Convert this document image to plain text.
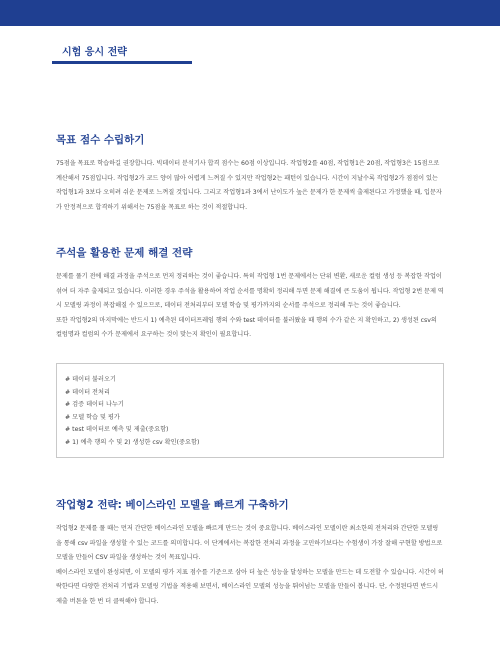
시험 응시 전략
목표 점수 수립하기

75점을 목표로 학습하길 권장합니다. 빅데이터 분석기사 합격 점수는 60점 이상입니다. 작업형2를 40점, 작업형1은 20점, 작업형3은 15점으로 계산해서 75점입니다. 작업형2가 코드 양이 많아 어렵게 느껴질 수 있지만 작업형2는 패턴이 있습니다. 시간이 지날수록 작업형2가 점점이 있는 작업형1과 3보다 오히려 쉬운 문제로 느껴질 것입니다. 그리고 작업형1과 3에서 난이도가 높은 문제가 한 문제씩 출제된다고 가정했을 때, 입문자가 안정적으로 합격하기 위해서는 75점을 목표로 하는 것이 적절합니다.

주석을 활용한 문제 해결 전략

문제를 풀기 전에 해결 과정을 주석으로 먼저 정리하는 것이 좋습니다. 특히 작업형 1번 문제에서는 단위 변환, 새로운 컬럼 생성 등 복잡한 작업이 섞여 더 자주 출제되고 있습니다. 이러한 경우 주석을 활용하여 작업 순서를 명확히 정리해 두면 문제 해결에 큰 도움이 됩니다. 작업형 2번 문제 역시 모델링 과정이 복잡해질 수 있으므로, 데이터 전처리부터 모델 학습 및 평가까지의 순서를 주석으로 정리해 두는 것이 좋습니다.

또한 작업형2의 마지막에는 반드시 1) 예측된 데이터프레임 행의 수와 test 데이터를 불러왔을 때 행의 수가 같은 지 확인하고, 2) 생성된 csv의 컬럼명과 컬럼의 수가 문제에서 요구하는 것이 맞는지 확인이 필요합니다.

# 데이터 불러오기
# 데이터 전처리
# 검증 데이터 나누기
# 모델 학습 및 평가
# test 데이터로 예측 및 제출(중요함)
# 1) 예측 행의 수 및 2) 생성한 csv 확인(중요함)
작업형2 전략: 베이스라인 모델을 빠르게 구축하기

작업형2 문제를 풀 때는 먼저 간단한 베이스라인 모델을 빠르게 만드는 것이 중요합니다. 베이스라인 모델이란 최소한의 전처리와 간단한 모델링을 통해 csv 파일을 생성할 수 있는 코드를 의미합니다. 이 단계에서는 복잡한 전처리 과정을 고민하기보다는 수험생이 가장 잘해 구현할 방법으로 모델을 만들어 CSV 파일을 생성하는 것이 목표입니다.

베이스라인 모델이 완성되면, 이 모델의 평가 지표 점수를 기준으로 삼아 더 높은 성능을 달성하는 모델을 만드는 데 도전할 수 있습니다. 시간이 허락한다면 다양한 전처리 기법과 모델링 기법을 적용해 보면서, 베이스라인 모델의 성능을 뛰어넘는 모델을 만들어 봅니다. 단, 수정된다면 반드시 제출 버튼을 한 번 더 클릭해야 합니다.
